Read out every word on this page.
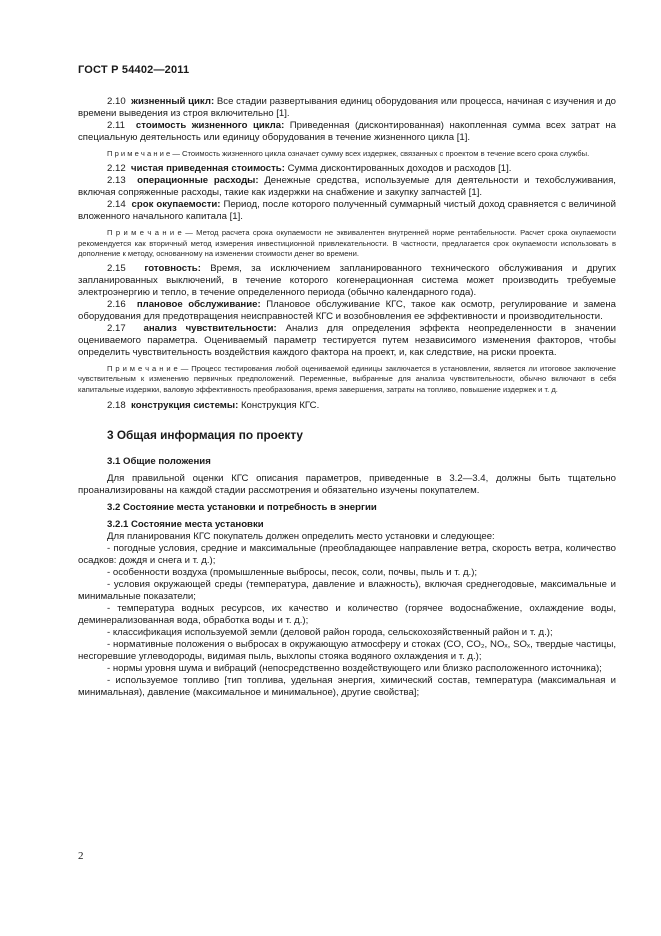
ГОСТ Р 54402—2011

2.10 жизненный цикл: Все стадии развертывания единиц оборудования или процесса, начиная с изучения и до времени выведения из строя включительно [1].

2.11 стоимость жизненного цикла: Приведенная (дисконтированная) накопленная сумма всех затрат на специальную деятельность или единицу оборудования в течение жизненного цикла [1].

П р и м е ч а н и е — Стоимость жизненного цикла означает сумму всех издержек, связанных с проектом в течение всего срока службы.

2.12 чистая приведенная стоимость: Сумма дисконтированных доходов и расходов [1].

2.13 операционные расходы: Денежные средства, используемые для деятельности и техобслуживания, включая сопряженные расходы, такие как издержки на снабжение и закупку запчастей [1].

2.14 срок окупаемости: Период, после которого полученный суммарный чистый доход сравняется с величиной вложенного начального капитала [1].

П р и м е ч а н и е — Метод расчета срока окупаемости не эквивалентен внутренней норме рентабельности. Расчет срока окупаемости рекомендуется как вторичный метод измерения инвестиционной привлекательности. В частности, предлагается срок окупаемости использовать в дополнение к методу, основанному на изменении стоимости денег во времени.

2.15 готовность: Время, за исключением запланированного технического обслуживания и других запланированных выключений, в течение которого когенерационная система может производить требуемые электроэнергию и тепло, в течение определенного периода (обычно календарного года).

2.16 плановое обслуживание: Плановое обслуживание КГС, такое как осмотр, регулирование и замена оборудования для предотвращения неисправностей КГС и возобновления ее эффективности и производительности.

2.17 анализ чувствительности: Анализ для определения эффекта неопределенности в значении оцениваемого параметра. Оцениваемый параметр тестируется путем независимого изменения факторов, чтобы определить чувствительность воздействия каждого фактора на проект, и, как следствие, на риски проекта.

П р и м е ч а н и е — Процесс тестирования любой оцениваемой единицы заключается в установлении, является ли итоговое заключение чувствительным к изменению первичных предположений. Переменные, выбранные для анализа чувствительности, обычно включают в себя капитальные издержки, валовую эффективность преобразования, время завершения, затраты на топливо, повышение издержек и т. д.

2.18 конструкция системы: Конструкция КГС.

3 Общая информация по проекту
3.1 Общие положения

Для правильной оценки КГС описания параметров, приведенные в 3.2—3.4, должны быть тщательно проанализированы на каждой стадии рассмотрения и обязательно изучены покупателем.

3.2 Состояние места установки и потребность в энергии
3.2.1 Состояние места установки

Для планирования КГС покупатель должен определить место установки и следующее:

- погодные условия, средние и максимальные (преобладающее направление ветра, скорость ветра, количество осадков: дождя и снега и т. д.);

- особенности воздуха (промышленные выбросы, песок, соли, почвы, пыль и т. д.);

- условия окружающей среды (температура, давление и влажность), включая среднегодовые, максимальные и минимальные показатели;

- температура водных ресурсов, их качество и количество (горячее водоснабжение, охлаждение воды, деминерализованная вода, обработка воды и т. д.);

- классификация используемой земли (деловой район города, сельскохозяйственный район и т. д.);

- нормативные положения о выбросах в окружающую атмосферу и стоках (CO, CO₂, NOₓ, SOₓ, твердые частицы, несгоревшие углеводороды, видимая пыль, выхлопы стояка водяного охлаждения и т. д.);

- нормы уровня шума и вибраций (непосредственно воздействующего или близко расположенного источника);

- используемое топливо [тип топлива, удельная энергия, химический состав, температура (максимальная и минимальная), давление (максимальное и минимальное), другие свойства];

2
